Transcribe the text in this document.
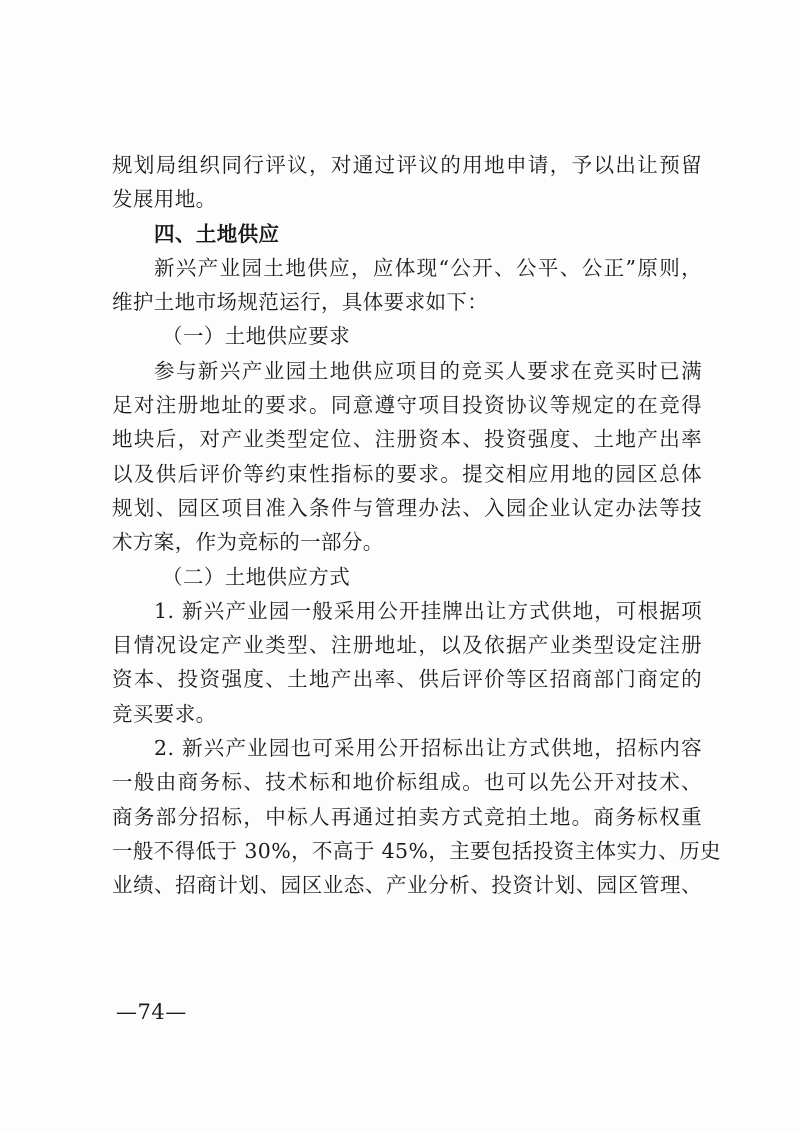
规划局组织同行评议，对通过评议的用地申请，予以出让预留
发展用地。
四、土地供应
新兴产业园土地供应，应体现“公开、公平、公正”原则，
维护土地市场规范运行，具体要求如下：
（一）土地供应要求
参与新兴产业园土地供应项目的竞买人要求在竞买时已满
足对注册地址的要求。同意遵守项目投资协议等规定的在竞得
地块后，对产业类型定位、注册资本、投资强度、土地产出率
以及供后评价等约束性指标的要求。提交相应用地的园区总体
规划、园区项目准入条件与管理办法、入园企业认定办法等技
术方案，作为竞标的一部分。
（二）土地供应方式
1. 新兴产业园一般采用公开挂牌出让方式供地，可根据项
目情况设定产业类型、注册地址，以及依据产业类型设定注册
资本、投资强度、土地产出率、供后评价等区招商部门商定的
竞买要求。
2. 新兴产业园也可采用公开招标出让方式供地，招标内容
一般由商务标、技术标和地价标组成。也可以先公开对技术、
商务部分招标，中标人再通过拍卖方式竞拍土地。商务标权重
一般不得低于 30%，不高于 45%，主要包括投资主体实力、历史
业绩、招商计划、园区业态、产业分析、投资计划、园区管理、
—74—
